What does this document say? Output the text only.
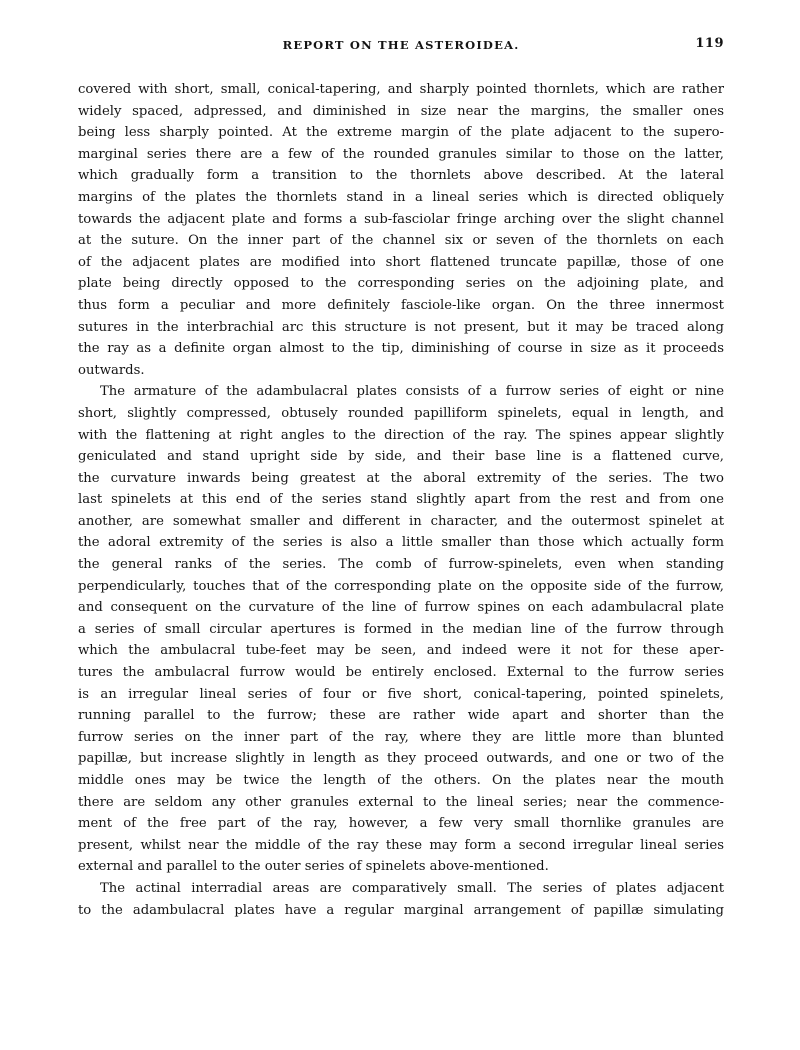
REPORT ON THE ASTEROIDEA.	119
covered with short, small, conical-tapering, and sharply pointed thornlets, which are rather
widely spaced, adpressed, and diminished in size near the margins, the smaller ones
being less sharply pointed. At the extreme margin of the plate adjacent to the supero-
marginal series there are a few of the rounded granules similar to those on the latter,
which gradually form a transition to the thornlets above described. At the lateral
margins of the plates the thornlets stand in a lineal series which is directed obliquely
towards the adjacent plate and forms a sub-fasciolar fringe arching over the slight channel
at the suture. On the inner part of the channel six or seven of the thornlets on each
of the adjacent plates are modified into short flattened truncate papillæ, those of one
plate being directly opposed to the corresponding series on the adjoining plate, and
thus form a peculiar and more definitely fasciole-like organ. On the three innermost
sutures in the interbrachial arc this structure is not present, but it may be traced along
the ray as a definite organ almost to the tip, diminishing of course in size as it proceeds
outwards.
The armature of the adambulacral plates consists of a furrow series of eight or nine
short, slightly compressed, obtusely rounded papilliform spinelets, equal in length, and
with the flattening at right angles to the direction of the ray. The spines appear slightly
geniculated and stand upright side by side, and their base line is a flattened curve,
the curvature inwards being greatest at the aboral extremity of the series. The two
last spinelets at this end of the series stand slightly apart from the rest and from one
another, are somewhat smaller and different in character, and the outermost spinelet at
the adoral extremity of the series is also a little smaller than those which actually form
the general ranks of the series. The comb of furrow-spinelets, even when standing
perpendicularly, touches that of the corresponding plate on the opposite side of the furrow,
and consequent on the curvature of the line of furrow spines on each adambulacral plate
a series of small circular apertures is formed in the median line of the furrow through
which the ambulacral tube-feet may be seen, and indeed were it not for these aper-
tures the ambulacral furrow would be entirely enclosed. External to the furrow series
is an irregular lineal series of four or five short, conical-tapering, pointed spinelets,
running parallel to the furrow; these are rather wide apart and shorter than the
furrow series on the inner part of the ray, where they are little more than blunted
papillæ, but increase slightly in length as they proceed outwards, and one or two of the
middle ones may be twice the length of the others. On the plates near the mouth
there are seldom any other granules external to the lineal series; near the commence-
ment of the free part of the ray, however, a few very small thornlike granules are
present, whilst near the middle of the ray these may form a second irregular lineal series
external and parallel to the outer series of spinelets above-mentioned.
The actinal interradial areas are comparatively small. The series of plates adjacent
to the adambulacral plates have a regular marginal arrangement of papillæ simulating
